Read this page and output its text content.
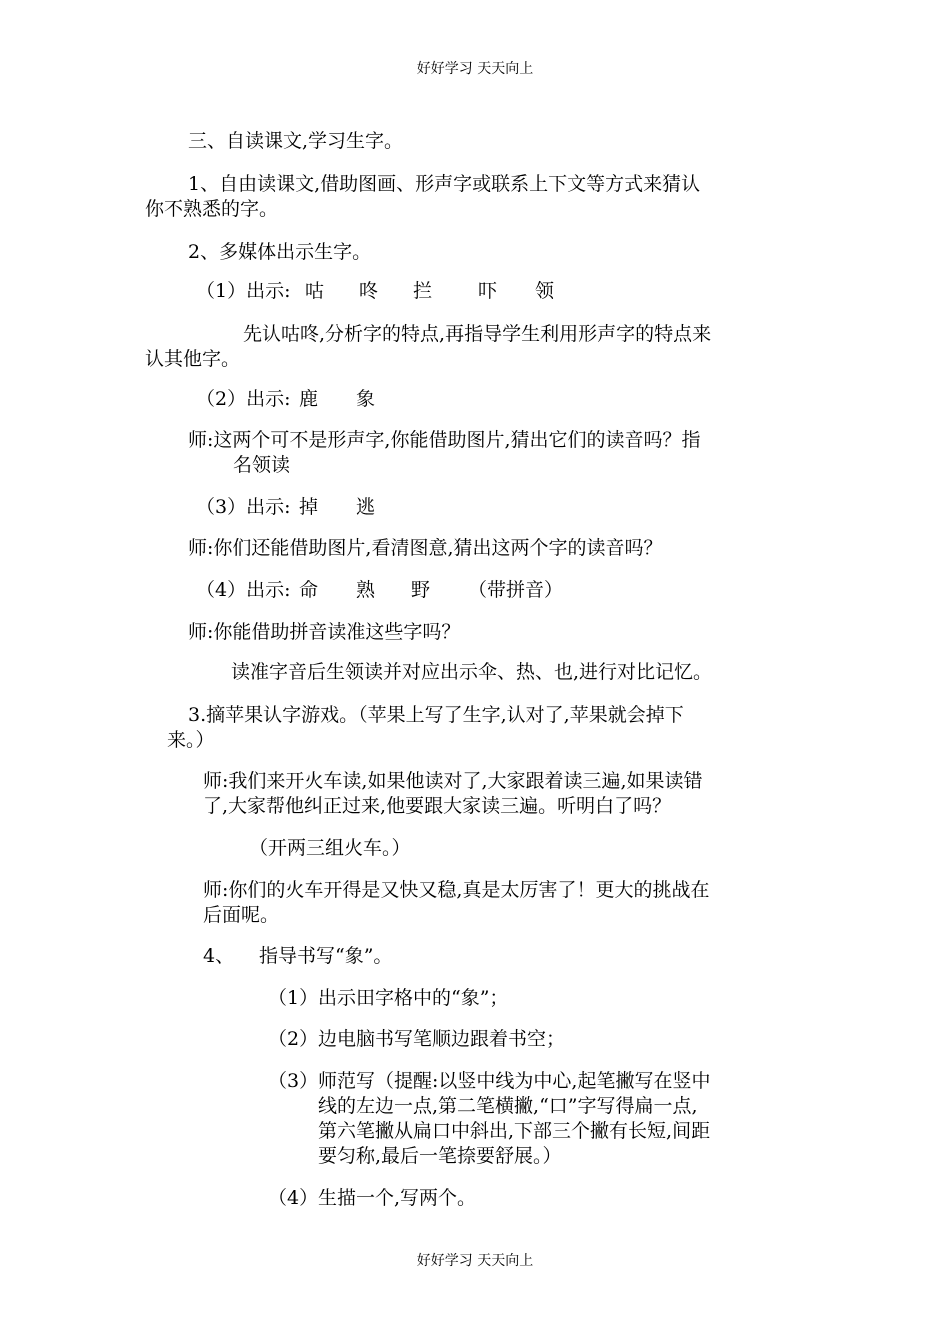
好好学习 天天向上

三、自读课文,学习生字。

1、自由读课文,借助图画、形声字或联系上下文等方式来猜认

你不熟悉的字。

2、多媒体出示生字。

（1）出示: 咕 咚 拦 吓 领

先认咕咚,分析字的特点,再指导学生利用形声字的特点来

认其他字。

（2）出示: 鹿 象

师:这两个可不是形声字,你能借助图片,猜出它们的读音吗？指

名领读

（3）出示: 掉 逃

师:你们还能借助图片,看清图意,猜出这两个字的读音吗？

（4）出示: 命 熟 野 （带拼音）

师:你能借助拼音读准这些字吗？

读准字音后生领读并对应出示伞、热、也,进行对比记忆。

3.摘苹果认字游戏。（苹果上写了生字,认对了,苹果就会掉下

来。）

师:我们来开火车读,如果他读对了,大家跟着读三遍,如果读错

了,大家帮他纠正过来,他要跟大家读三遍。听明白了吗？

（开两三组火车。）

师:你们的火车开得是又快又稳,真是太厉害了！更大的挑战在

后面呢。

4、 指导书写“象”。
（1） 出示田字格中的“象”；
（2） 边电脑书写笔顺边跟着书空；
（3） 师范写（提醒:以竖中线为中心,起笔撇写在竖中
线的左边一点,第二笔横撇,“口”字写得扁一点,
第六笔撇从扁口中斜出,下部三个撇有长短,间距
要匀称,最后一笔捺要舒展。）
（4） 生描一个,写两个。
好好学习 天天向上
